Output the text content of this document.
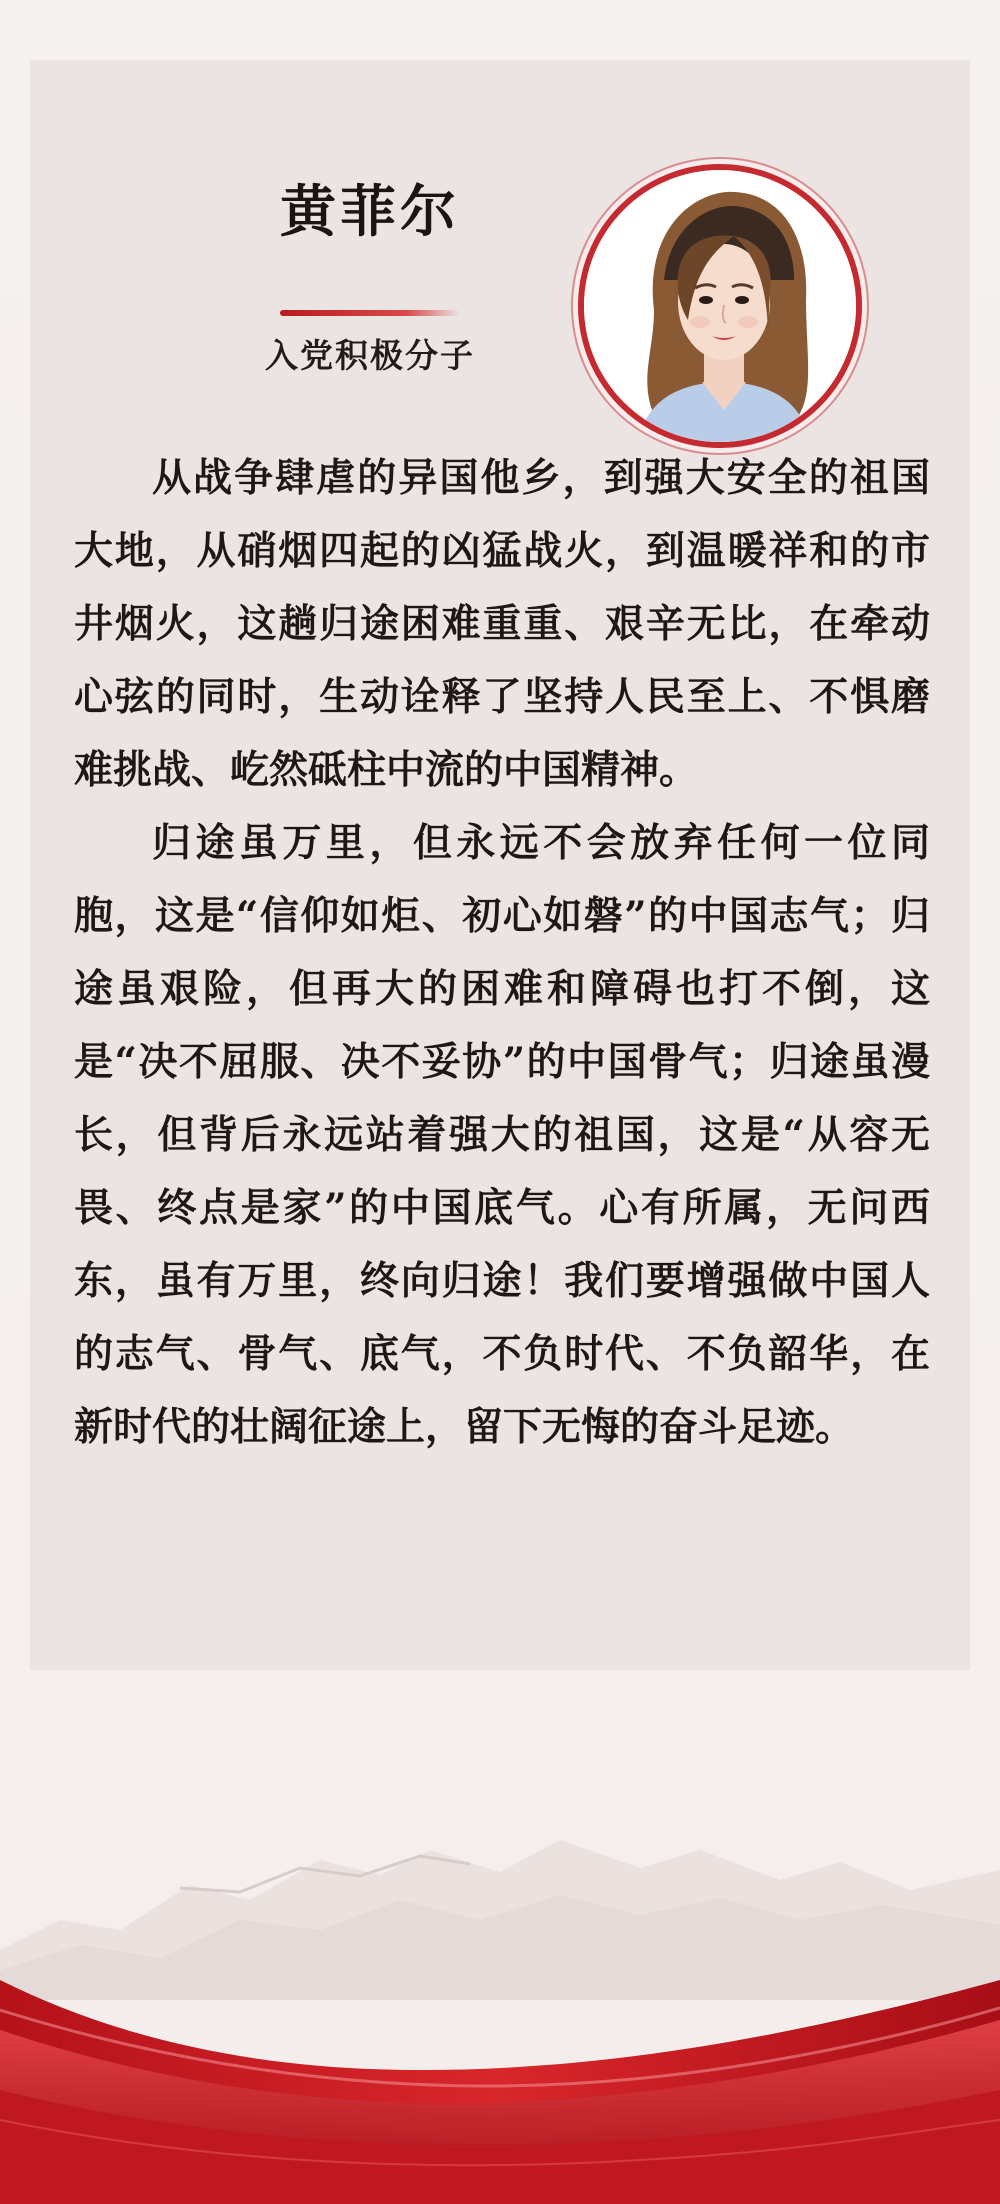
黄菲尔
入党积极分子

从战争肆虐的异国他乡，到强大安全的祖国大地，从硝烟四起的凶猛战火，到温暖祥和的市井烟火，这趟归途困难重重、艰辛无比，在牵动心弦的同时，生动诠释了坚持人民至上、不惧磨难挑战、屹然砥柱中流的中国精神。

归途虽万里，但永远不会放弃任何一位同胞，这是“信仰如炬、初心如磐”的中国志气；归途虽艰险，但再大的困难和障碍也打不倒，这是“决不屈服、决不妥协”的中国骨气；归途虽漫长，但背后永远站着强大的祖国，这是“从容无畏、终点是家”的中国底气。心有所属，无问西东，虽有万里，终向归途！我们要增强做中国人的志气、骨气、底气，不负时代、不负韶华，在新时代的壮阔征途上，留下无悔的奋斗足迹。
